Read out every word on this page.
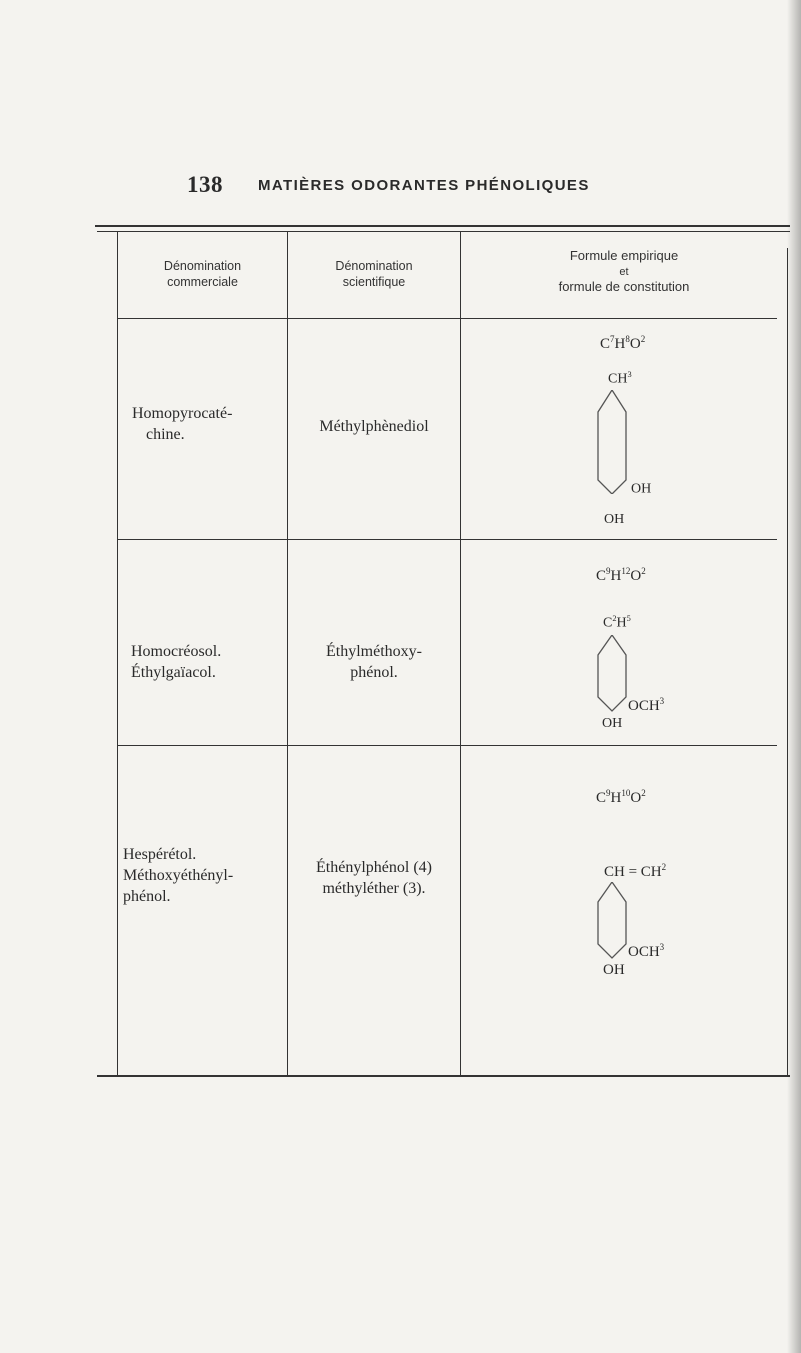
138 MATIÈRES ODORANTES PHÉNOLIQUES
Dénomination
commerciale
Dénomination
scientifique
Formule empirique
et
formule de constitution
Homopyrocaté-
chine.	Méthylphènediol
$C^7H^8O^2$
$CH^3$
OH
OH
Homocréosol.
Éthylgaïacol.
Éthylméthoxy-
phénol.
$C^9H^{12}O^2$
$C^2H^5$
OCH$^3$
OH
Hespérétol.
Méthoxyéthényl-
phénol.
Éthénylphénol (4)
méthyléther (3).
$C^9H^{10}O^2$
CH = $CH^2$
OCH$^3$
OH
